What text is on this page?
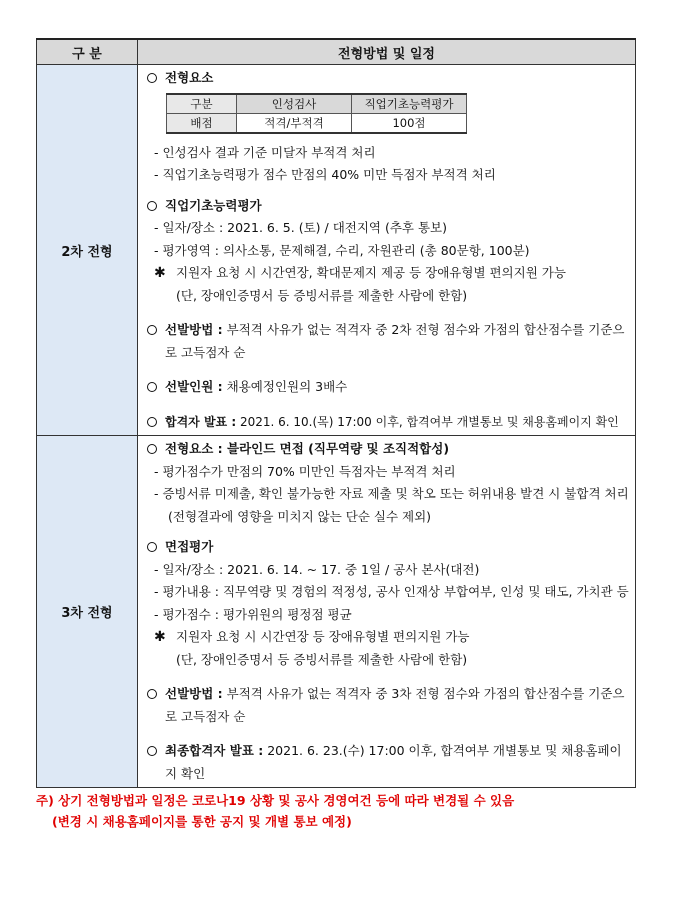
구 분	전형방법 및 일정
2차 전형	
전형요소
구분	인성검사	직업기초능력평가
배점	적격/부적격	100점
- 인성검사 결과 기준 미달자 부적격 처리
- 직업기초능력평가 점수 만점의 40% 미만 득점자 부적격 처리
직업기초능력평가
- 일자/장소 : 2021. 6. 5. (토) / 대전지역 (추후 통보)
- 평가영역 : 의사소통, 문제해결, 수리, 자원관리 (총 80문항, 100분)
✱ 지원자 요청 시 시간연장, 확대문제지 제공 등 장애유형별 편의지원 가능
(단, 장애인증명서 등 증빙서류를 제출한 사람에 한함)
선발방법 : 부적격 사유가 없는 적격자 중 2차 전형 점수와 가점의 합산점수를 기준으로 고득점자 순
선발인원 : 채용예정인원의 3배수
합격자 발표 : 2021. 6. 10.(목) 17:00 이후, 합격여부 개별통보 및 채용홈페이지 확인

3차 전형	
전형요소 : 블라인드 면접 (직무역량 및 조직적합성)
- 평가점수가 만점의 70% 미만인 득점자는 부적격 처리
- 증빙서류 미제출, 확인 불가능한 자료 제출 및 착오 또는 허위내용 발견 시 불합격 처리(전형결과에 영향을 미치지 않는 단순 실수 제외)
면접평가
- 일자/장소 : 2021. 6. 14. ~ 17. 중 1일 / 공사 본사(대전)
- 평가내용 : 직무역량 및 경험의 적정성, 공사 인재상 부합여부, 인성 및 태도, 가치관 등
- 평가점수 : 평가위원의 평정점 평균
✱ 지원자 요청 시 시간연장 등 장애유형별 편의지원 가능
(단, 장애인증명서 등 증빙서류를 제출한 사람에 한함)
선발방법 : 부적격 사유가 없는 적격자 중 3차 전형 점수와 가점의 합산점수를 기준으로 고득점자 순
최종합격자 발표 : 2021. 6. 23.(수) 17:00 이후, 합격여부 개별통보 및 채용홈페이지 확인
주) 상기 전형방법과 일정은 코로나19 상황 및 공사 경영여건 등에 따라 변경될 수 있음
(변경 시 채용홈페이지를 통한 공지 및 개별 통보 예정)
